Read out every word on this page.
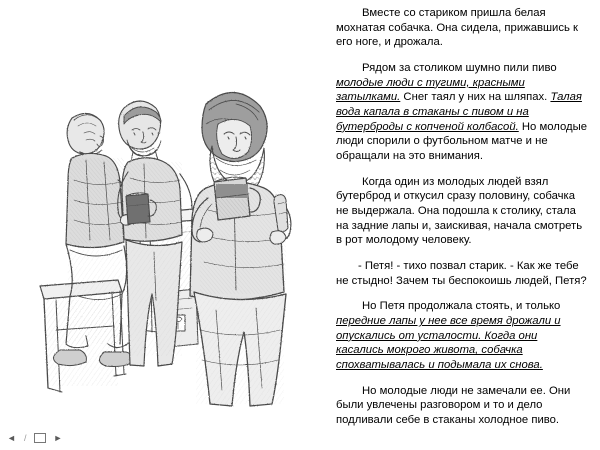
Вместе со стариком пришла белая мохнатая собачка. Она сидела, прижавшись к его ноге, и дрожала.

Рядом за столиком шумно пили пиво молодые люди с тугими, красными затылками. Снег таял у них на шляпах. Талая вода капала в стаканы с пивом и на бутерброды с копченой колбасой. Но молодые люди спорили о футбольном матче и не обращали на это внимания.

Когда один из молодых людей взял бутерброд и откусил сразу половину, собачка не выдержала. Она подошла к столику, стала на задние лапы и, заискивая, начала смотреть в рот молодому человеку.

- Петя! - тихо позвал старик. - Как же тебе не стыдно! Зачем ты беспокоишь людей, Петя?

Но Петя продолжала стоять, и только передние лапы у нее все время дрожали и опускались от усталости. Когда они касались мокрого живота, собачка спохватывалась и подымала их снова.

Но молодые люди не замечали ее. Они были увлечены разговором и то и дело подливали себе в стаканы холодное пиво.

◄ /	►
